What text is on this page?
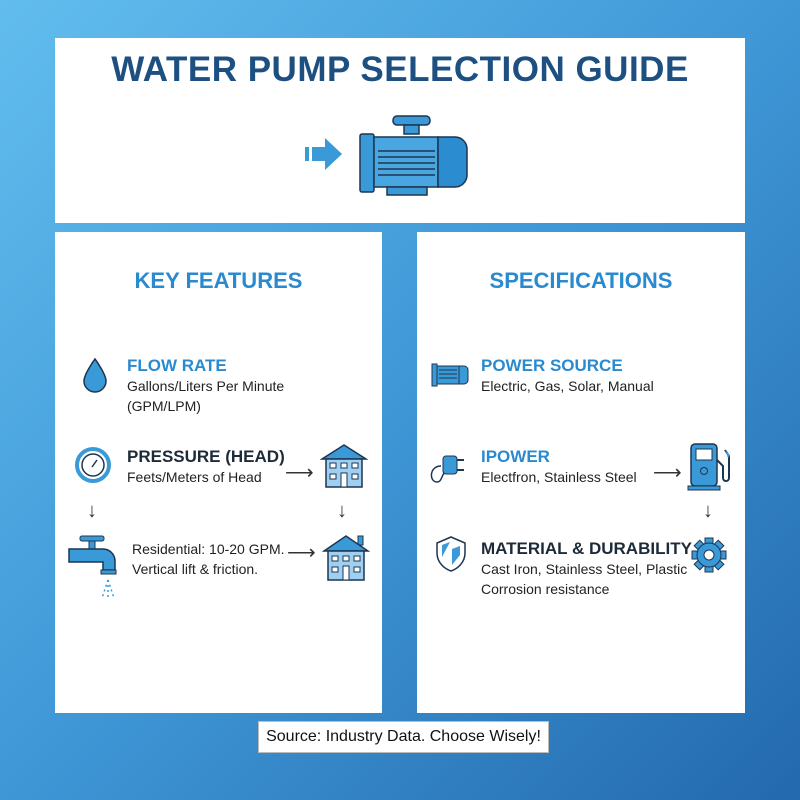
WATER PUMP SELECTION GUIDE
KEY FEATURES
FLOW RATE
Gallons/Liters Per Minute
(GPM/LPM)
PRESSURE (HEAD)
Feets/Meters of Head	⟶
↓	↓
Residential: 10-20 GPM.
Vertical lift & friction.
⟶
SPECIFICATIONS
POWER SOURCE
Electric, Gas, Solar, Manual
IPOWER
Electfron, Stainless Steel ⟶
↓
MATERIAL & DURABILITY
Cast Iron, Stainless Steel, Plastic
Corrosion resistance
Source: Industry Data. Choose Wisely!
